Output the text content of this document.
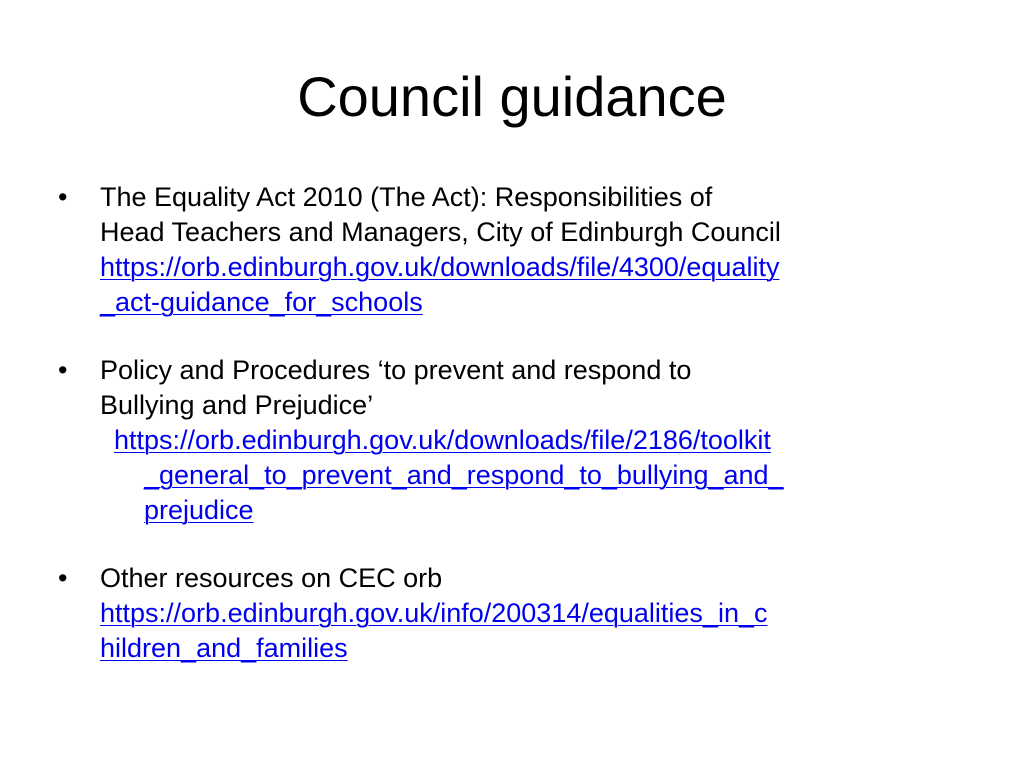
Council guidance
• The Equality Act 2010 (The Act): Responsibilities of
Head Teachers and Managers, City of Edinburgh Council
https://orb.edinburgh.gov.uk/downloads/file/4300/equality
_act-guidance_for_schools
• Policy and Procedures ‘to prevent and respond to
Bullying and Prejudice’
https://orb.edinburgh.gov.uk/downloads/file/2186/toolkit
_general_to_prevent_and_respond_to_bullying_and_
prejudice
• Other resources on CEC orb
https://orb.edinburgh.gov.uk/info/200314/equalities_in_c
hildren_and_families
